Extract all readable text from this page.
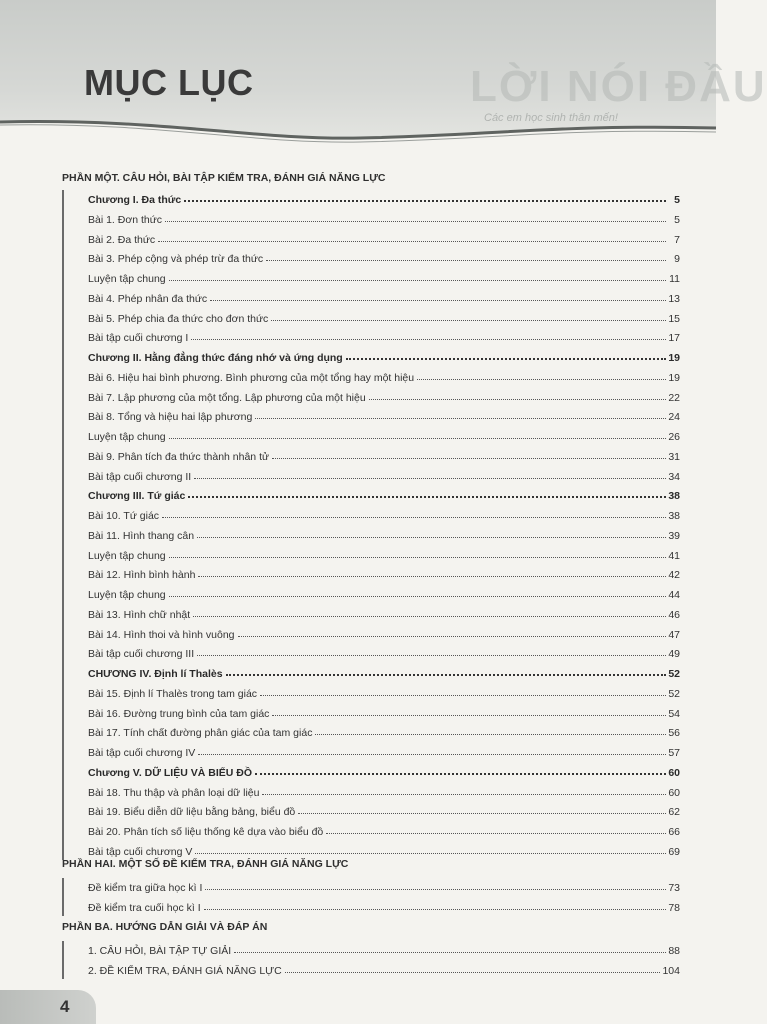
LỜI NÓI ĐẦU
Các em học sinh thân mến!
MỤC LỤC
PHẦN MỘT. CÂU HỎI, BÀI TẬP KIỂM TRA, ĐÁNH GIÁ NĂNG LỰC
Chương I. Đa thức	5
Bài 1. Đơn thức	5
Bài 2. Đa thức	7
Bài 3. Phép cộng và phép trừ đa thức	9
Luyện tập chung	11
Bài 4. Phép nhân đa thức	13
Bài 5. Phép chia đa thức cho đơn thức	15
Bài tập cuối chương I	17
Chương II. Hằng đẳng thức đáng nhớ và ứng dụng	19
Bài 6. Hiệu hai bình phương. Bình phương của một tổng hay một hiệu	19
Bài 7. Lập phương của một tổng. Lập phương của một hiệu	22
Bài 8. Tổng và hiệu hai lập phương	24
Luyện tập chung	26
Bài 9. Phân tích đa thức thành nhân tử	31
Bài tập cuối chương II	34
Chương III. Tứ giác	38
Bài 10. Tứ giác	38
Bài 11. Hình thang cân	39
Luyện tập chung	41
Bài 12. Hình bình hành	42
Luyện tập chung	44
Bài 13. Hình chữ nhật	46
Bài 14. Hình thoi và hình vuông	47
Bài tập cuối chương III	49
CHƯƠNG IV. Định lí Thalès	52
Bài 15. Định lí Thalès trong tam giác	52
Bài 16. Đường trung bình của tam giác	54
Bài 17. Tính chất đường phân giác của tam giác	56
Bài tập cuối chương IV	57
Chương V. DỮ LIỆU VÀ BIỂU ĐỒ	60
Bài 18. Thu thập và phân loại dữ liệu	60
Bài 19. Biểu diễn dữ liệu bằng bảng, biểu đồ	62
Bài 20. Phân tích số liệu thống kê dựa vào biểu đồ	66
Bài tập cuối chương V	69
PHẦN HAI. MỘT SỐ ĐỀ KIỂM TRA, ĐÁNH GIÁ NĂNG LỰC
Đề kiểm tra giữa học kì I	73
Đề kiểm tra cuối học kì I	78
PHẦN BA. HƯỚNG DẪN GIẢI VÀ ĐÁP ÁN
1. CÂU HỎI, BÀI TẬP TỰ GIẢI	88
2. ĐỀ KIỂM TRA, ĐÁNH GIÁ NĂNG LỰC	104
4
